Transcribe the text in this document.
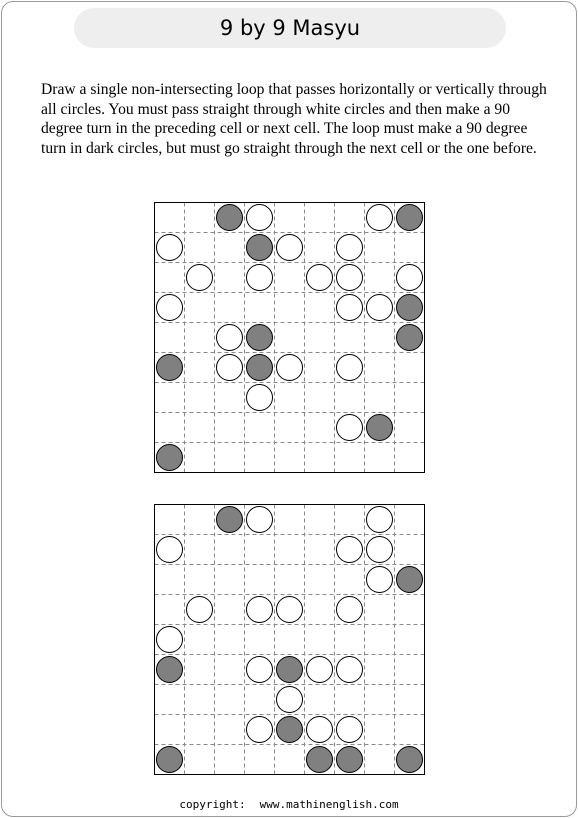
9 by 9 Masyu

Draw a single non-intersecting loop that passes horizontally or vertically through all circles. You must pass straight through white circles and then make a 90 degree turn in the preceding cell or next cell. The loop must make a 90 degree turn in dark circles, but must go straight through the next cell or the one before.

copyright: www.mathinenglish.com
